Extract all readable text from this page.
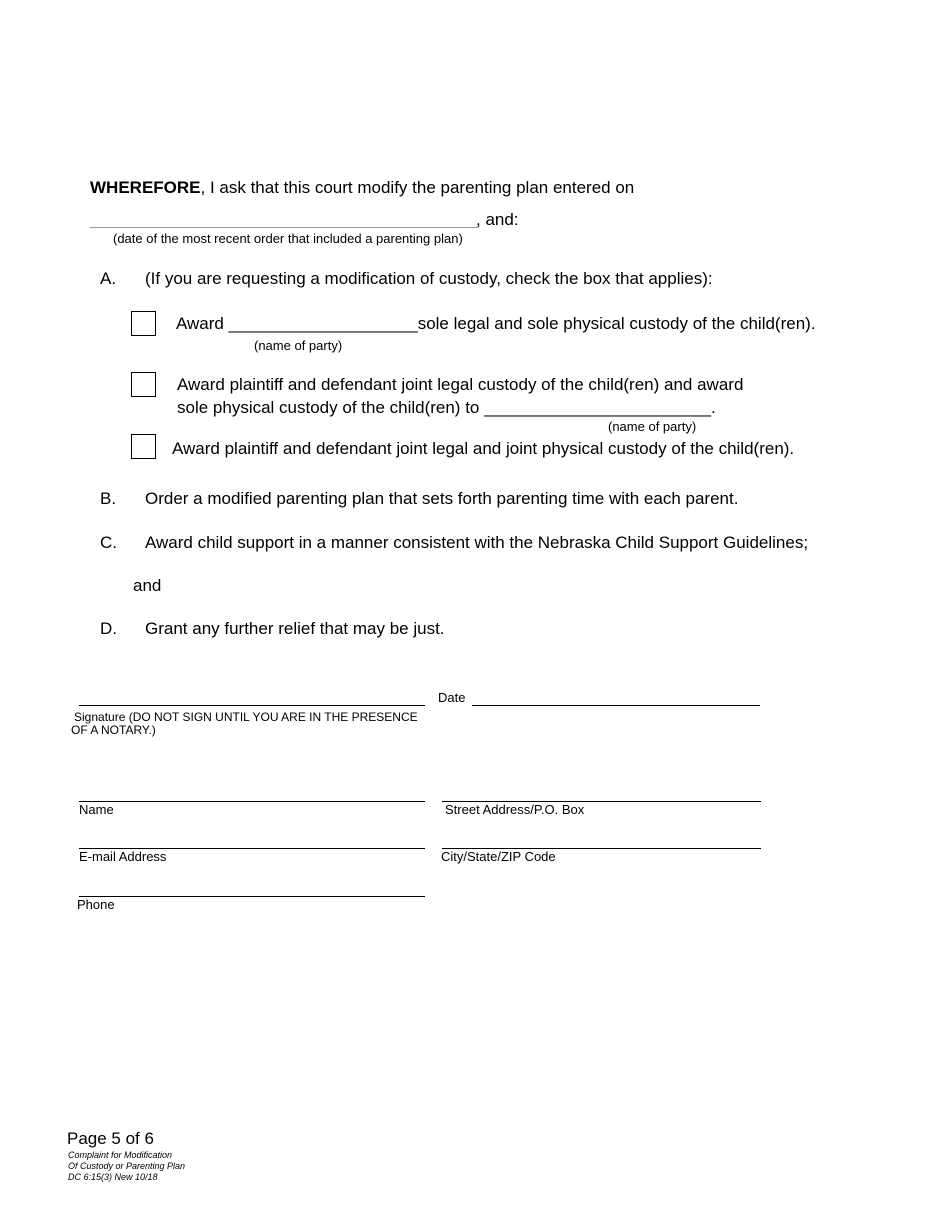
WHEREFORE, I ask that this court modify the parenting plan entered on
, and:
(date of the most recent order that included a parenting plan)
A. (If you are requesting a modification of custody, check the box that applies):
Award ____________________sole legal and sole physical custody of the child(ren).
(name of party)
Award plaintiff and defendant joint legal custody of the child(ren) and award
sole physical custody of the child(ren) to ________________________.
(name of party)
Award plaintiff and defendant joint legal and joint physical custody of the child(ren).
B. Order a modified parenting plan that sets forth parenting time with each parent.
C. Award child support in a manner consistent with the Nebraska Child Support Guidelines;
and
D. Grant any further relief that may be just.
Date
Signature (DO NOT SIGN UNTIL YOU ARE IN THE PRESENCE
OF A NOTARY.)
Name	Street Address/P.O. Box
E-mail Address	City/State/ZIP Code
Phone
Page 5 of 6
Complaint for Modification
Of Custody or Parenting Plan
DC 6:15(3) New 10/18
